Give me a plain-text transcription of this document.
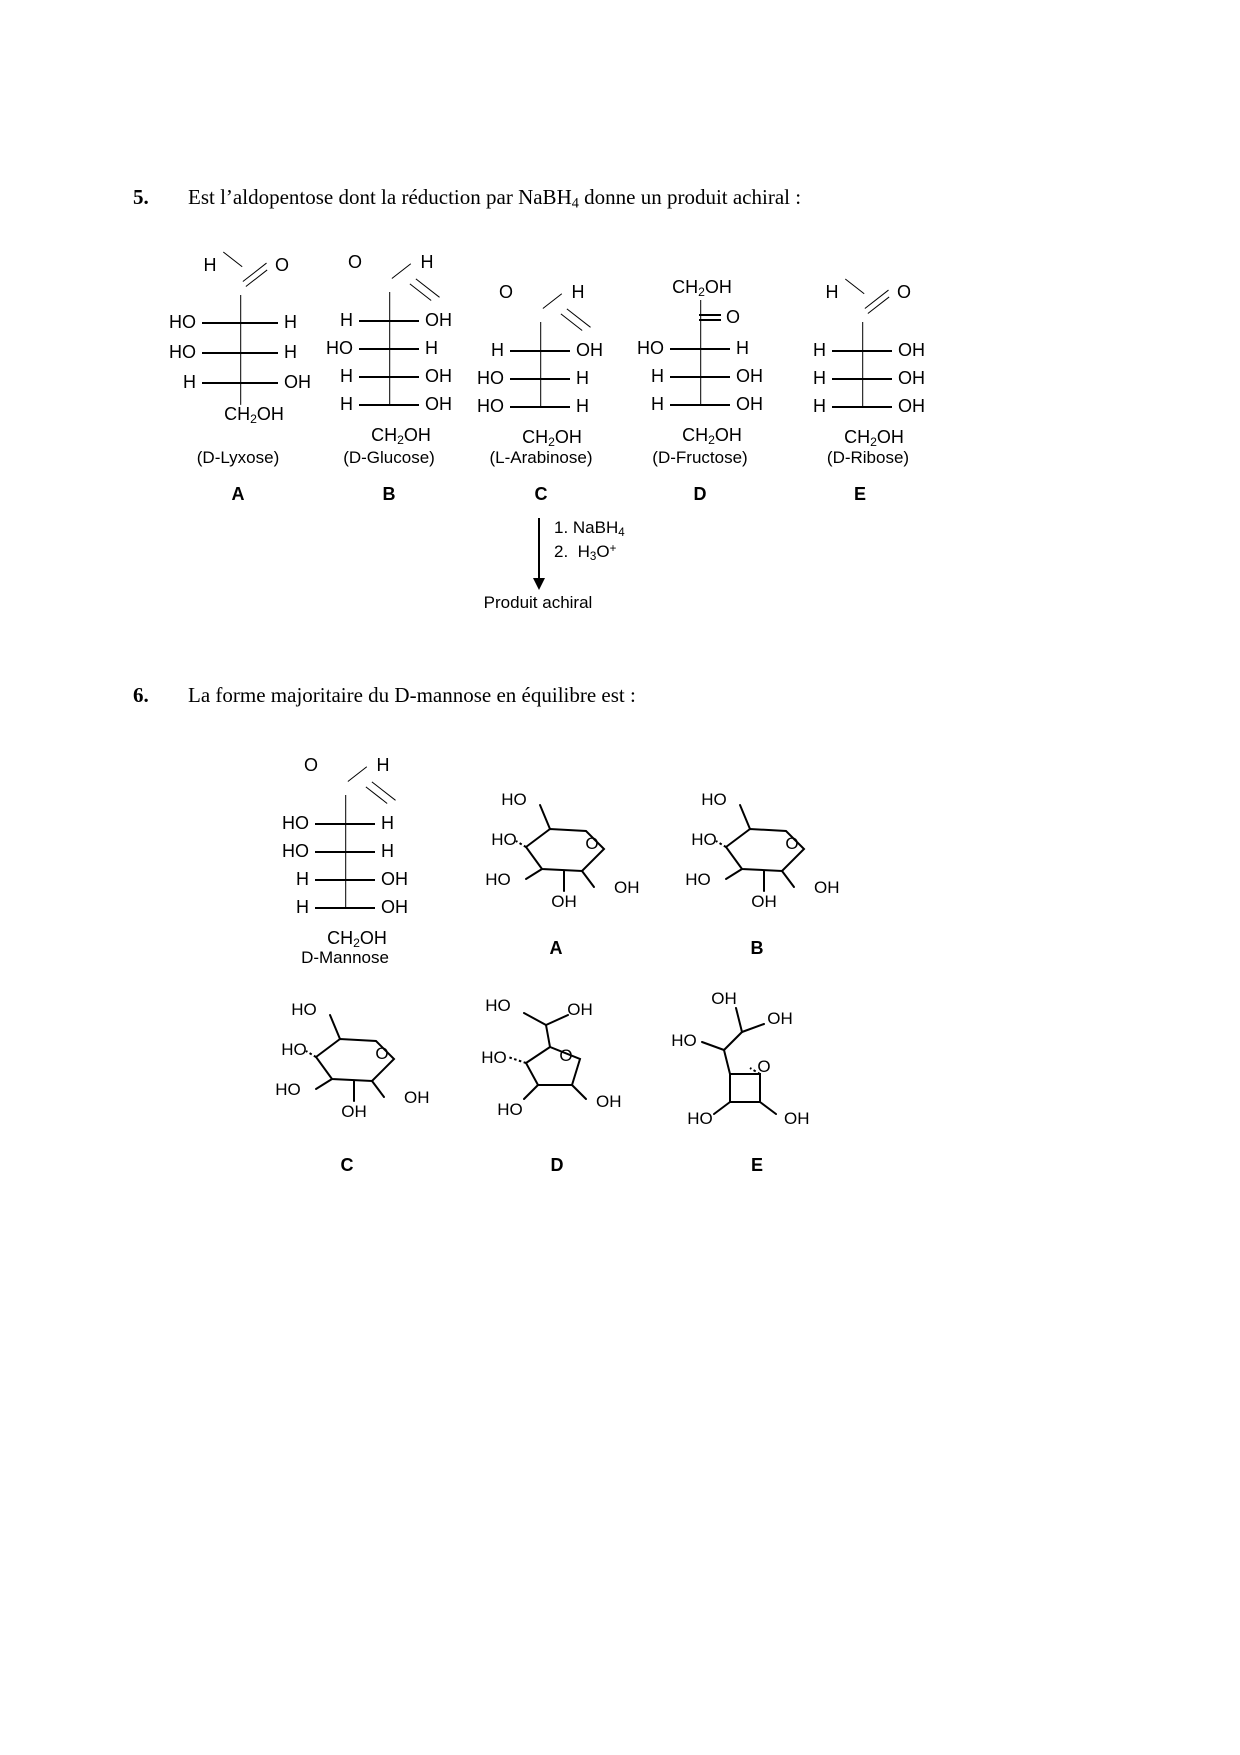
5.	Est l’aldopentose dont la réduction par NaBH$_4$ donne un produit achiral :
H	O
HO	H
HO	H
H	OH
$CH_2OH$
(D-Lyxose)
A
O	H
H	OH
HO	H
H	OH
H	OH
$CH_2OH$
(D-Glucose)
B
O	H
H	OH
HO	H
HO	H
$CH_2OH$
(L-Arabinose)
C
$CH_2OH$
O
HO	H
H	OH
H	OH
$CH_2OH$
(D-Fructose)
D
H	O
H	OH
H	OH
H	OH
$CH_2OH$
(D-Ribose)
E
1. NaBH$_4$
2.  $H_3O^+$
Produit achiral
6.	La forme majoritaire du D-mannose en équilibre est :
O	H
HO	H
HO	H
H	OH
H	OH
$CH_2OH$
D-Mannose
HO
HO
HO
O
OH
OH
A
HO
HO
HO
O
OH
OH
B
HO
HO
HO
O
OH
OH
C
HO	OH
HO	O
OH
HO
D
OH
OH
HO
O
OH
HO
E
